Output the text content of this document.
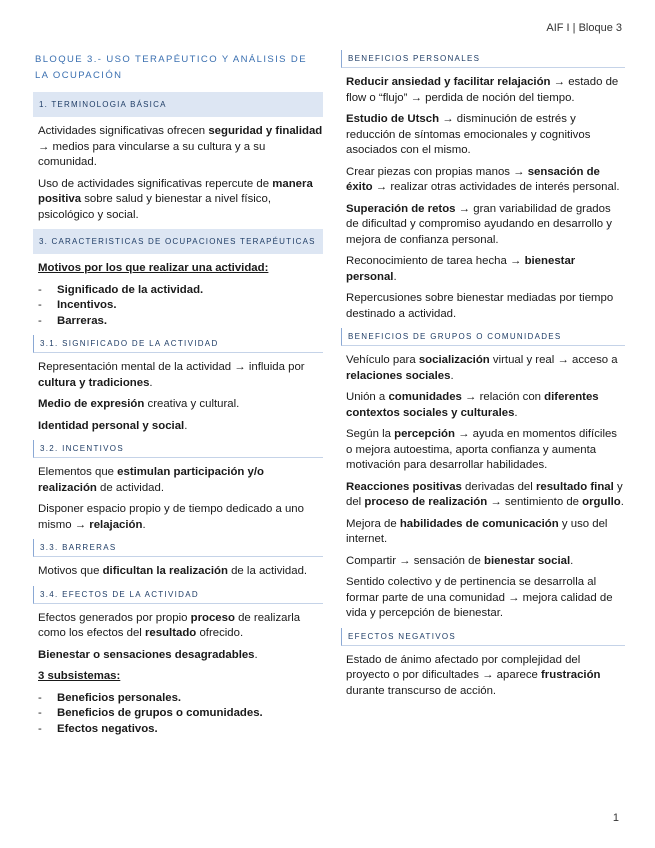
AIF I | Bloque 3
BLOQUE 3.- USO TERAPÉUTICO Y ANÁLISIS DE LA OCUPACIÓN
1. TERMINOLOGIA BÁSICA

Actividades significativas ofrecen seguridad y finalidad → medios para vincularse a su cultura y a su comunidad.

Uso de actividades significativas repercute de manera positiva sobre salud y bienestar a nivel físico, psicológico y social.

3. CARACTERISTICAS DE OCUPACIONES TERAPÉUTICAS

Motivos por los que realizar una actividad:

- Significado de la actividad.
- Incentivos.
- Barreras.
3.1. SIGNIFICADO DE LA ACTIVIDAD

Representación mental de la actividad → influida por cultura y tradiciones.

Medio de expresión creativa y cultural.

Identidad personal y social.

3.2. INCENTIVOS

Elementos que estimulan participación y/o realización de actividad.

Disponer espacio propio y de tiempo dedicado a uno mismo → relajación.

3.3. BARRERAS

Motivos que dificultan la realización de la actividad.

3.4. EFECTOS DE LA ACTIVIDAD

Efectos generados por propio proceso de realizarla como los efectos del resultado ofrecido.

Bienestar o sensaciones desagradables.

3 subsistemas:

- Beneficios personales.
- Beneficios de grupos o comunidades.
- Efectos negativos.
BENEFICIOS PERSONALES

Reducir ansiedad y facilitar relajación → estado de flow o “flujo” → perdida de noción del tiempo.

Estudio de Utsch → disminución de estrés y reducción de síntomas emocionales y cognitivos asociados con el mismo.

Crear piezas con propias manos → sensación de éxito → realizar otras actividades de interés personal.

Superación de retos → gran variabilidad de grados de dificultad y compromiso ayudando en desarrollo y mejora de confianza personal.

Reconocimiento de tarea hecha → bienestar personal.

Repercusiones sobre bienestar mediadas por tiempo destinado a actividad.

BENEFICIOS DE GRUPOS O COMUNIDADES

Vehículo para socialización virtual y real → acceso a relaciones sociales.

Unión a comunidades → relación con diferentes contextos sociales y culturales.

Según la percepción → ayuda en momentos difíciles o mejora autoestima, aporta confianza y aumenta motivación para desarrollar habilidades.

Reacciones positivas derivadas del resultado final y del proceso de realización → sentimiento de orgullo.

Mejora de habilidades de comunicación y uso del internet.

Compartir → sensación de bienestar social.

Sentido colectivo y de pertinencia se desarrolla al formar parte de una comunidad → mejora calidad de vida y percepción de bienestar.

EFECTOS NEGATIVOS

Estado de ánimo afectado por complejidad del proyecto o por dificultades → aparece frustración durante transcurso de acción.

1
